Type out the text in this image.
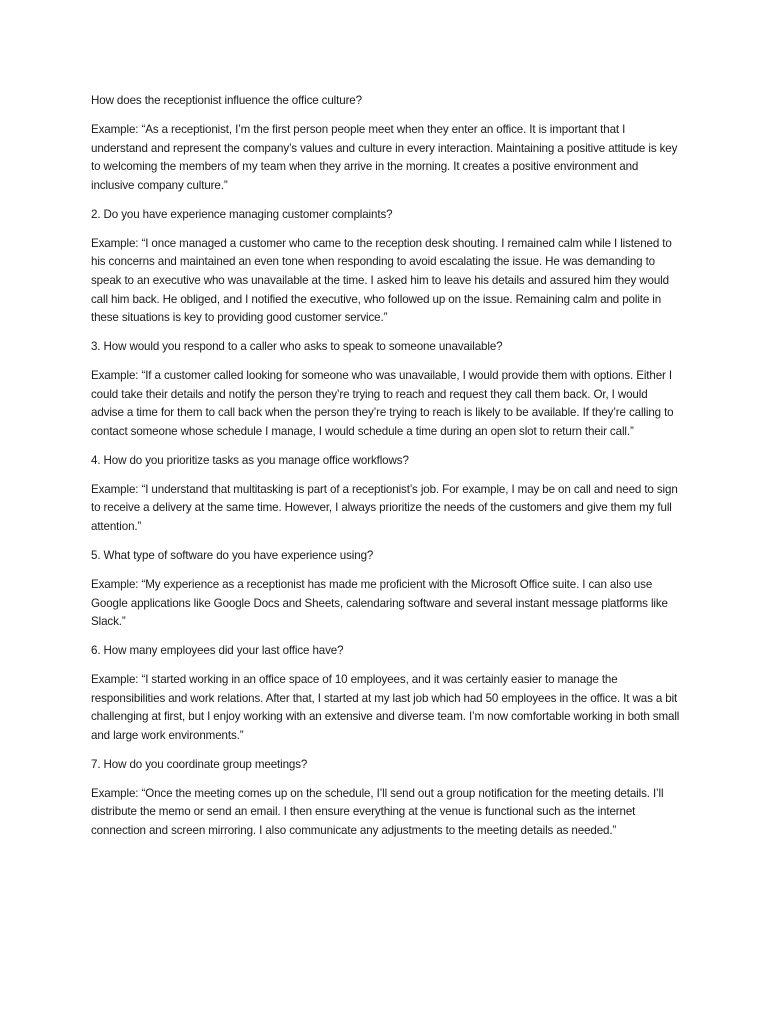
How does the receptionist influence the office culture?

Example: “As a receptionist, I’m the first person people meet when they enter an office. It is important that I understand and represent the company’s values and culture in every interaction. Maintaining a positive attitude is key to welcoming the members of my team when they arrive in the morning. It creates a positive environment and inclusive company culture.”

2. Do you have experience managing customer complaints?

Example: “I once managed a customer who came to the reception desk shouting. I remained calm while I listened to his concerns and maintained an even tone when responding to avoid escalating the issue. He was demanding to speak to an executive who was unavailable at the time. I asked him to leave his details and assured him they would call him back. He obliged, and I notified the executive, who followed up on the issue. Remaining calm and polite in these situations is key to providing good customer service.”

3. How would you respond to a caller who asks to speak to someone unavailable?

Example: “If a customer called looking for someone who was unavailable, I would provide them with options. Either I could take their details and notify the person they’re trying to reach and request they call them back. Or, I would advise a time for them to call back when the person they’re trying to reach is likely to be available. If they’re calling to contact someone whose schedule I manage, I would schedule a time during an open slot to return their call.”

4. How do you prioritize tasks as you manage office workflows?

Example: “I understand that multitasking is part of a receptionist’s job. For example, I may be on call and need to sign to receive a delivery at the same time. However, I always prioritize the needs of the customers and give them my full attention.”

5. What type of software do you have experience using?

Example: “My experience as a receptionist has made me proficient with the Microsoft Office suite. I can also use Google applications like Google Docs and Sheets, calendaring software and several instant message platforms like Slack.”

6. How many employees did your last office have?

Example: “I started working in an office space of 10 employees, and it was certainly easier to manage the responsibilities and work relations. After that, I started at my last job which had 50 employees in the office. It was a bit challenging at first, but I enjoy working with an extensive and diverse team. I’m now comfortable working in both small and large work environments.”

7. How do you coordinate group meetings?

Example: “Once the meeting comes up on the schedule, I’ll send out a group notification for the meeting details. I’ll distribute the memo or send an email. I then ensure everything at the venue is functional such as the internet connection and screen mirroring. I also communicate any adjustments to the meeting details as needed.”
